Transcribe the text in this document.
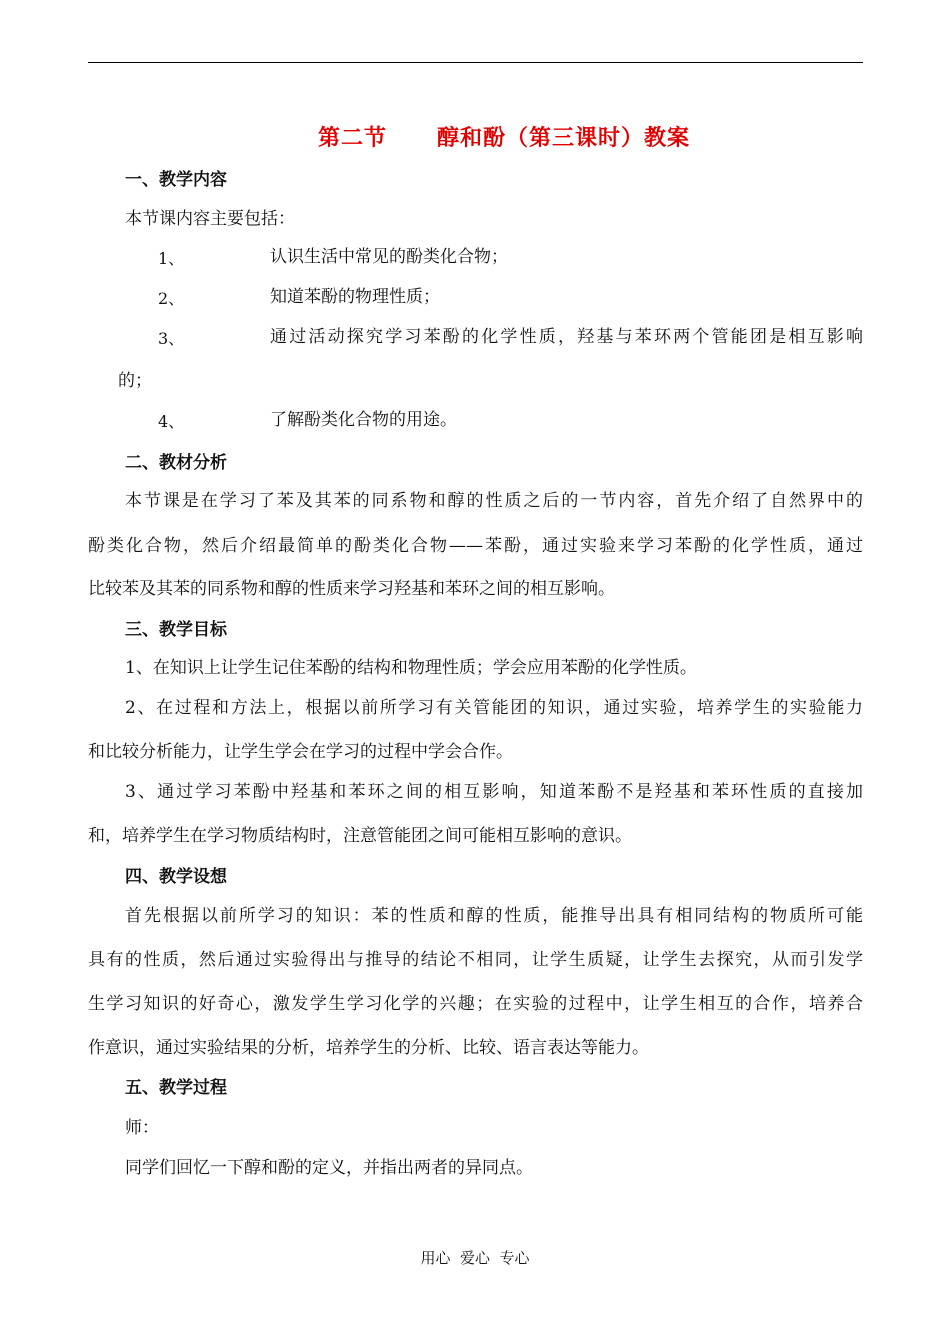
第二节 醇和酚（第三课时）教案
一、教学内容
本节课内容主要包括：
1、	认识生活中常见的酚类化合物；
2、	知道苯酚的物理性质；
3、	通过活动探究学习苯酚的化学性质，羟基与苯环两个管能团是相互影响
的；
4、	了解酚类化合物的用途。
二、教材分析
本节课是在学习了苯及其苯的同系物和醇的性质之后的一节内容，首先介绍了自然界中的
酚类化合物，然后介绍最简单的酚类化合物——苯酚，通过实验来学习苯酚的化学性质，通过
比较苯及其苯的同系物和醇的性质来学习羟基和苯环之间的相互影响。
三、教学目标
1、在知识上让学生记住苯酚的结构和物理性质；学会应用苯酚的化学性质。
2、在过程和方法上，根据以前所学习有关管能团的知识，通过实验，培养学生的实验能力
和比较分析能力，让学生学会在学习的过程中学会合作。
3、通过学习苯酚中羟基和苯环之间的相互影响，知道苯酚不是羟基和苯环性质的直接加
和，培养学生在学习物质结构时，注意管能团之间可能相互影响的意识。
四、教学设想
首先根据以前所学习的知识：苯的性质和醇的性质，能推导出具有相同结构的物质所可能
具有的性质，然后通过实验得出与推导的结论不相同，让学生质疑，让学生去探究，从而引发学
生学习知识的好奇心，激发学生学习化学的兴趣；在实验的过程中，让学生相互的合作，培养合
作意识，通过实验结果的分析，培养学生的分析、比较、语言表达等能力。
五、教学过程
师：
同学们回忆一下醇和酚的定义，并指出两者的异同点。
用心  爱心  专心
